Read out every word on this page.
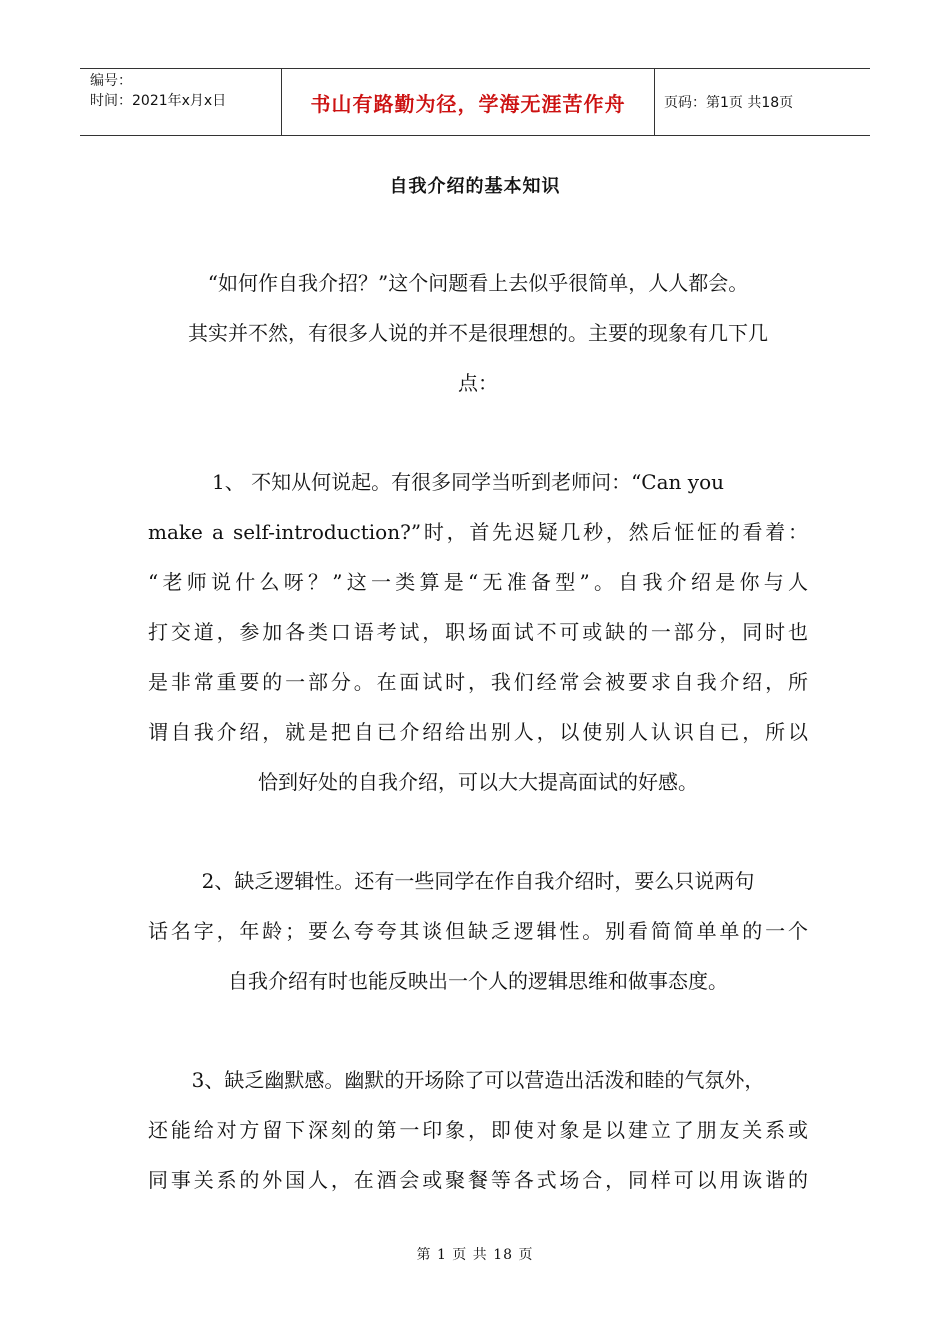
编号：
时间：2021年x月x日	书山有路勤为径，学海无涯苦作舟	页码：第1页 共18页
自我介绍的基本知识
“如何作自我介招？”这个问题看上去似乎很简单，人人都会。
其实并不然，有很多人说的并不是很理想的。主要的现象有几下几
点：
1、 不知从何说起。有很多同学当听到老师问：“Can you
make a self-introduction?”时，首先迟疑几秒，然后怔怔的看着：
“老师说什么呀？”这一类算是“无准备型”。自我介绍是你与人
打交道，参加各类口语考试，职场面试不可或缺的一部分，同时也
是非常重要的一部分。在面试时，我们经常会被要求自我介绍，所
谓自我介绍，就是把自已介绍给出别人，以使别人认识自已，所以
恰到好处的自我介绍，可以大大提高面试的好感。
2、缺乏逻辑性。还有一些同学在作自我介绍时，要么只说两句
话名字，年龄；要么夸夸其谈但缺乏逻辑性。别看简简单单的一个
自我介绍有时也能反映出一个人的逻辑思维和做事态度。
3、缺乏幽默感。幽默的开场除了可以营造出活泼和睦的气氛外，
还能给对方留下深刻的第一印象，即使对象是以建立了朋友关系或
同事关系的外国人，在酒会或聚餐等各式场合，同样可以用诙谐的
第 1 页 共 18 页
